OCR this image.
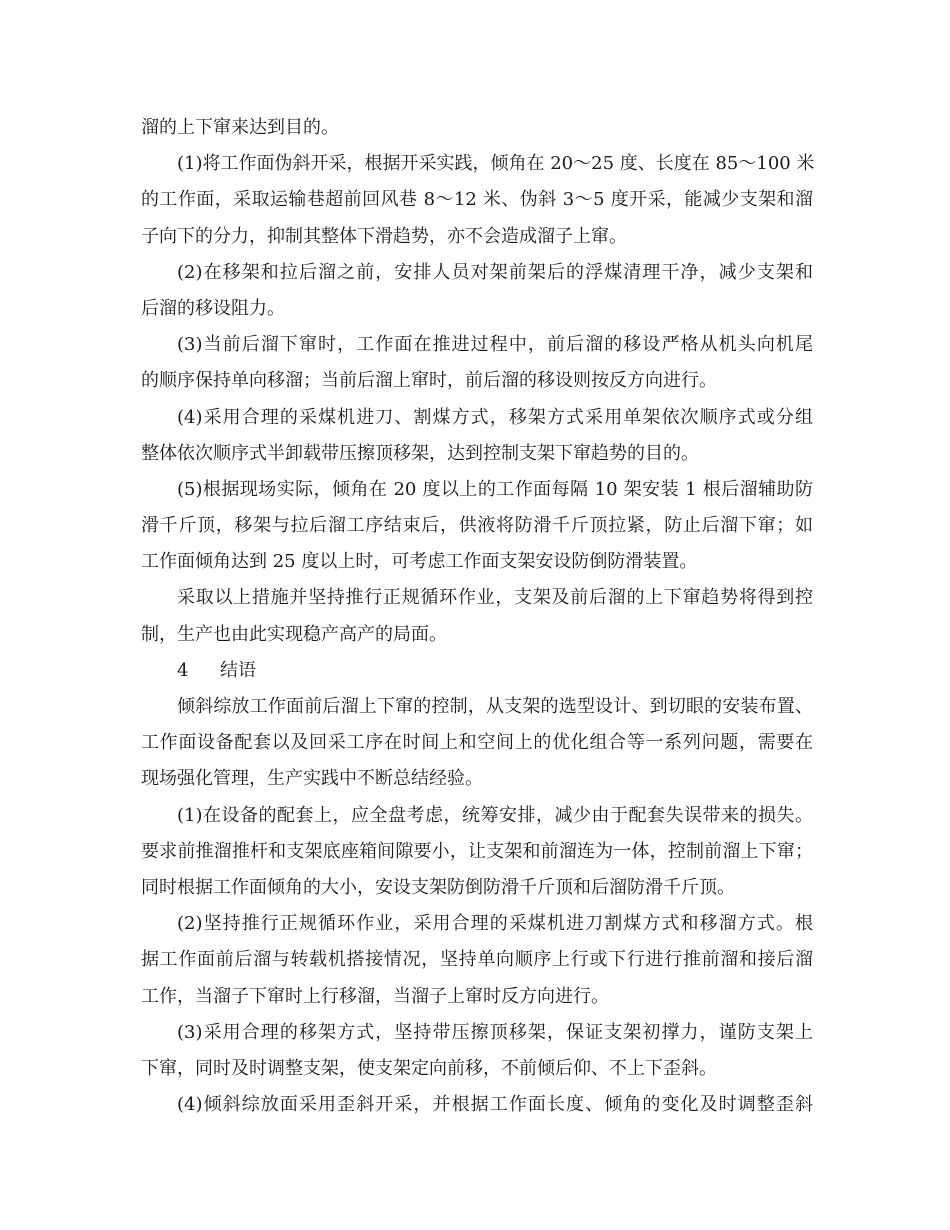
溜的上下窜来达到目的。
(1)将工作面伪斜开采，根据开采实践，倾角在 20～25 度、长度在 85～100 米
的工作面，采取运输巷超前回风巷 8～12 米、伪斜 3～5 度开采，能减少支架和溜
子向下的分力，抑制其整体下滑趋势，亦不会造成溜子上窜。
(2)在移架和拉后溜之前，安排人员对架前架后的浮煤清理干净，减少支架和
后溜的移设阻力。
(3)当前后溜下窜时，工作面在推进过程中，前后溜的移设严格从机头向机尾
的顺序保持单向移溜；当前后溜上窜时，前后溜的移设则按反方向进行。
(4)采用合理的采煤机进刀、割煤方式，移架方式采用单架依次顺序式或分组
整体依次顺序式半卸载带压擦顶移架，达到控制支架下窜趋势的目的。
(5)根据现场实际，倾角在 20 度以上的工作面每隔 10 架安装 1 根后溜辅助防
滑千斤顶，移架与拉后溜工序结束后，供液将防滑千斤顶拉紧，防止后溜下窜；如
工作面倾角达到 25 度以上时，可考虑工作面支架安设防倒防滑装置。
采取以上措施并坚持推行正规循环作业，支架及前后溜的上下窜趋势将得到控
制，生产也由此实现稳产高产的局面。
4 结语
倾斜综放工作面前后溜上下窜的控制，从支架的选型设计、到切眼的安装布置、
工作面设备配套以及回采工序在时间上和空间上的优化组合等一系列问题，需要在
现场强化管理，生产实践中不断总结经验。
(1)在设备的配套上，应全盘考虑，统筹安排，减少由于配套失误带来的损失。
要求前推溜推杆和支架底座箱间隙要小，让支架和前溜连为一体，控制前溜上下窜；
同时根据工作面倾角的大小，安设支架防倒防滑千斤顶和后溜防滑千斤顶。
(2)坚持推行正规循环作业，采用合理的采煤机进刀割煤方式和移溜方式。根
据工作面前后溜与转载机搭接情况，坚持单向顺序上行或下行进行推前溜和接后溜
工作，当溜子下窜时上行移溜，当溜子上窜时反方向进行。
(3)采用合理的移架方式，坚持带压擦顶移架，保证支架初撑力，谨防支架上
下窜，同时及时调整支架，使支架定向前移，不前倾后仰、不上下歪斜。
(4)倾斜综放面采用歪斜开采，并根据工作面长度、倾角的变化及时调整歪斜
